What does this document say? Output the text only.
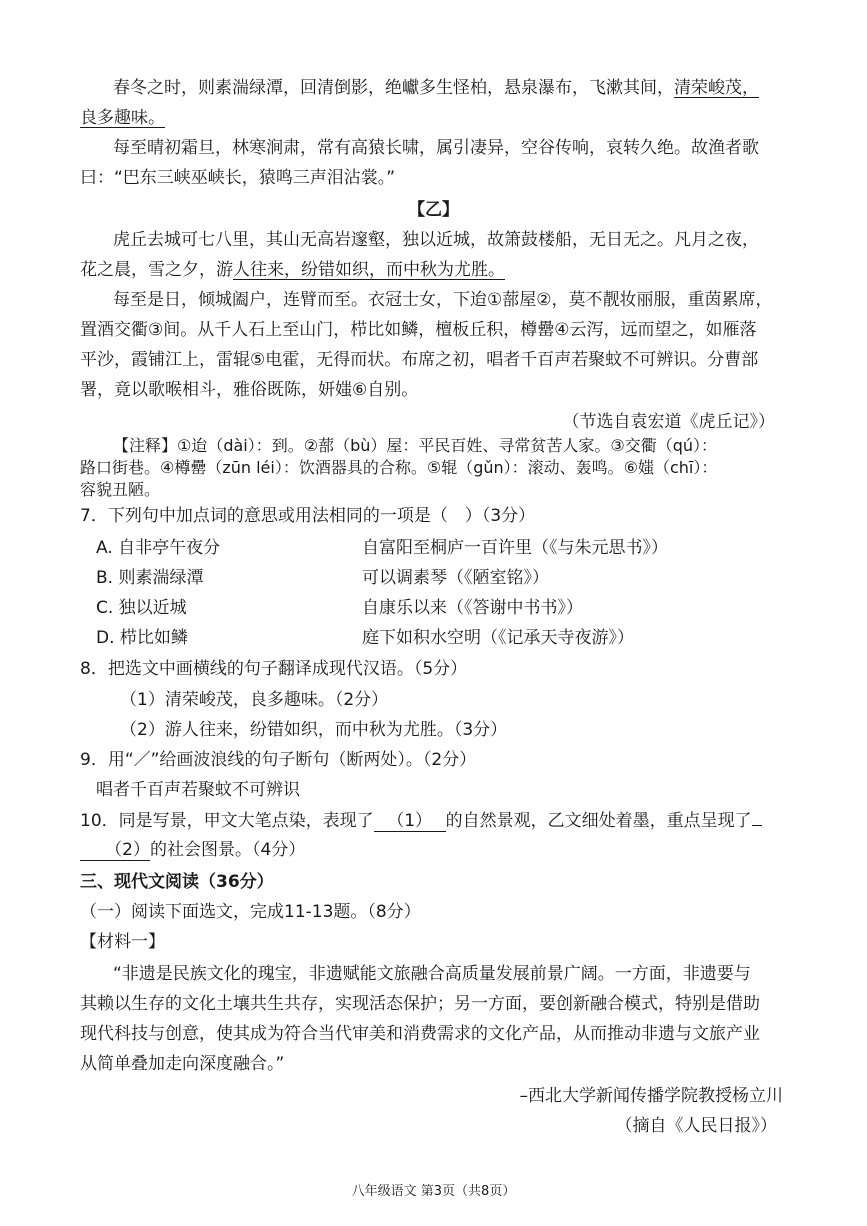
春冬之时，则素湍绿潭，回清倒影，绝巘多生怪柏，悬泉瀑布，飞漱其间，清荣峻茂，
良多趣味。
每至晴初霜旦，林寒涧肃，常有高猿长啸，属引凄异，空谷传响，哀转久绝。故渔者歌
曰：“巴东三峡巫峡长，猿鸣三声泪沾裳。”
【乙】
虎丘去城可七八里，其山无高岩邃壑，独以近城，故箫鼓楼船，无日无之。凡月之夜，
花之晨，雪之夕，游人往来，纷错如织，而中秋为尤胜。
每至是日，倾城阖户，连臂而至。衣冠士女，下迨①蔀屋②，莫不靓妆丽服，重茵累席，
置酒交衢③间。从千人石上至山门，栉比如鳞，檀板丘积，樽罍④云泻，远而望之，如雁落
平沙，霞铺江上，雷辊⑤电霍，无得而状。布席之初，唱者千百声若聚蚊不可辨识。分曹部
署，竟以歌喉相斗，雅俗既陈，妍媸⑥自别。
（节选自袁宏道《虎丘记》）
【注释】①迨（dài）：到。②蔀（bù）屋：平民百姓、寻常贫苦人家。③交衢（qú）：
路口街巷。④樽罍（zūn léi）：饮酒器具的合称。⑤辊（gǔn）：滚动、轰鸣。⑥媸（chī）：
容貌丑陋。
7．下列句中加点词的意思或用法相同的一项是（　）（3分）
A. 自非亭午夜分	自富阳至桐庐一百许里（《与朱元思书》）
B. 则素湍绿潭	可以调素琴（《陋室铭》）
C. 独以近城	自康乐以来（《答谢中书书》）
D. 栉比如鳞	庭下如积水空明（《记承天寺夜游》）
8．把选文中画横线的句子翻译成现代汉语。（5分）
（1）清荣峻茂，良多趣味。（2分）
（2）游人往来，纷错如织，而中秋为尤胜。（3分）
9．用“／”给画波浪线的句子断句（断两处）。（2分）
唱者千百声若聚蚊不可辨识
10．同是写景，甲文大笔点染，表现了 （1） 的自然景观，乙文细处着墨，重点呈现了
（2）的社会图景。（4分）
三、现代文阅读（36分）
（一）阅读下面选文，完成11-13题。（8分）
【材料一】
“非遗是民族文化的瑰宝，非遗赋能文旅融合高质量发展前景广阔。一方面，非遗要与
其赖以生存的文化土壤共生共存，实现活态保护；另一方面，要创新融合模式，特别是借助
现代科技与创意，使其成为符合当代审美和消费需求的文化产品，从而推动非遗与文旅产业
从简单叠加走向深度融合。”
–西北大学新闻传播学院教授杨立川
（摘自《人民日报》）
八年级语文 第3页（共8页）
